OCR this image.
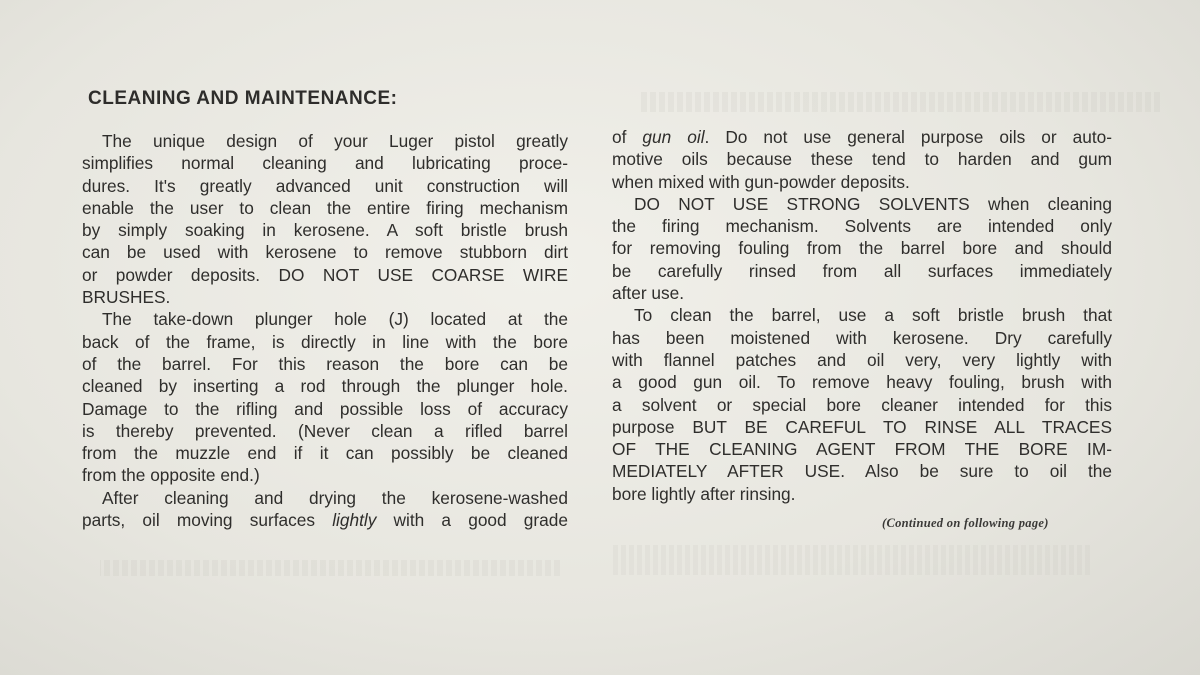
CLEANING AND MAINTENANCE:
The unique design of your Luger pistol greatly
simplifies normal cleaning and lubricating proce-
dures. It's greatly advanced unit construction will
enable the user to clean the entire firing mechanism
by simply soaking in kerosene. A soft bristle brush
can be used with kerosene to remove stubborn dirt
or powder deposits. DO NOT USE COARSE WIRE
BRUSHES.
The take-down plunger hole (J) located at the
back of the frame, is directly in line with the bore
of the barrel. For this reason the bore can be
cleaned by inserting a rod through the plunger hole.
Damage to the rifling and possible loss of accuracy
is thereby prevented. (Never clean a rifled barrel
from the muzzle end if it can possibly be cleaned
from the opposite end.)
After cleaning and drying the kerosene-washed
parts, oil moving surfaces lightly with a good grade
of gun oil. Do not use general purpose oils or auto-
motive oils because these tend to harden and gum
when mixed with gun-powder deposits.
DO NOT USE STRONG SOLVENTS when cleaning
the firing mechanism. Solvents are intended only
for removing fouling from the barrel bore and should
be carefully rinsed from all surfaces immediately
after use.
To clean the barrel, use a soft bristle brush that
has been moistened with kerosene. Dry carefully
with flannel patches and oil very, very lightly with
a good gun oil. To remove heavy fouling, brush with
a solvent or special bore cleaner intended for this
purpose BUT BE CAREFUL TO RINSE ALL TRACES
OF THE CLEANING AGENT FROM THE BORE IM-
MEDIATELY AFTER USE. Also be sure to oil the
bore lightly after rinsing.
(Continued on following page)
